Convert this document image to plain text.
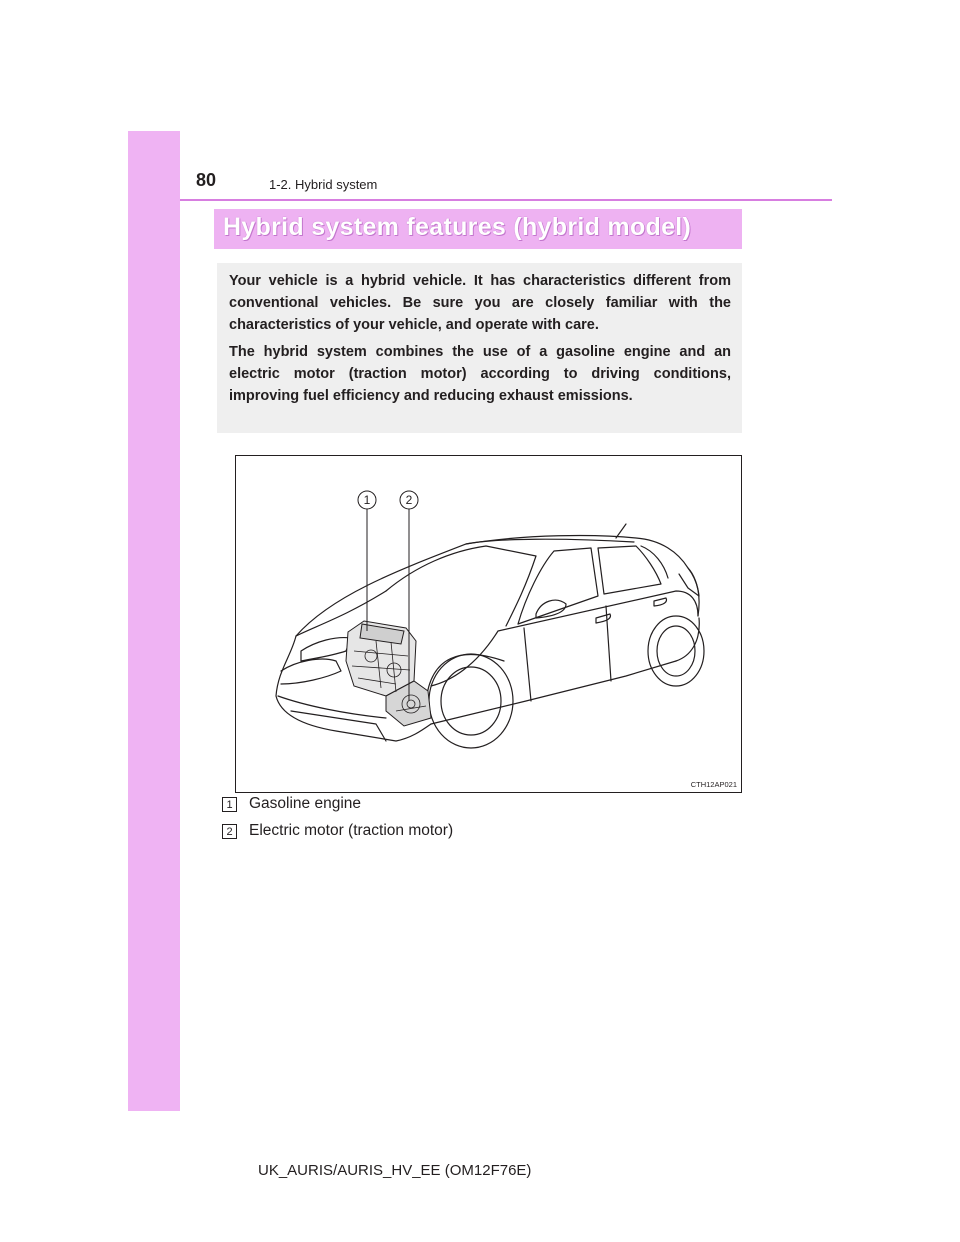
80	1-2. Hybrid system
Hybrid system features (hybrid model)

Your vehicle is a hybrid vehicle. It has characteristics different from conventional vehicles. Be sure you are closely familiar with the characteristics of your vehicle, and operate with care.

The hybrid system combines the use of a gasoline engine and an electric motor (traction motor) according to driving conditions, improving fuel efficiency and reducing exhaust emissions.

1	2
CTH12AP021
1 Gasoline engine
2 Electric motor (traction motor)
UK_AURIS/AURIS_HV_EE (OM12F76E)
